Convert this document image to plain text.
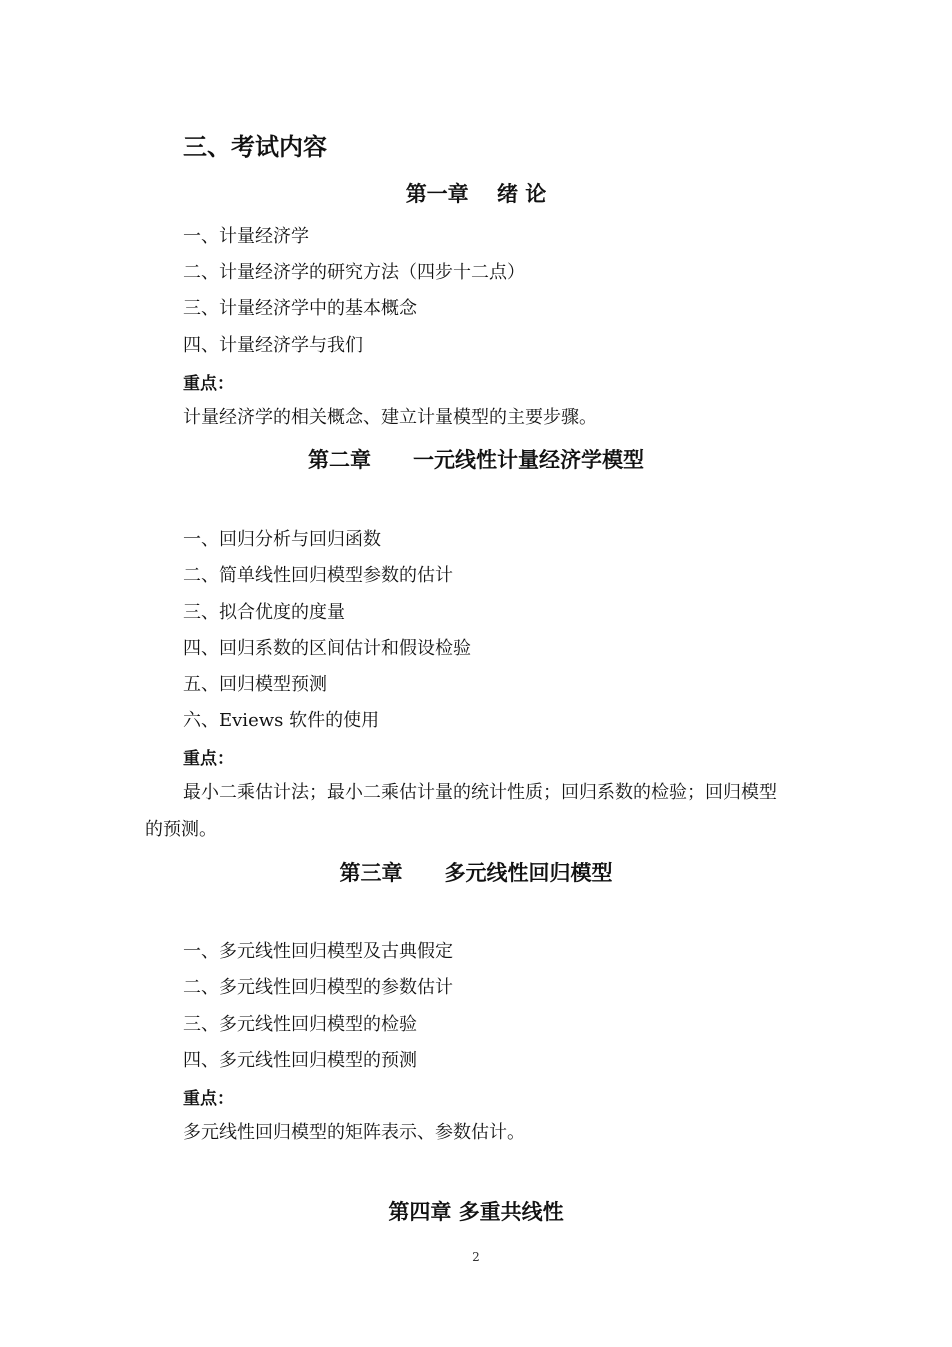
三、考试内容
第一章　 绪 论
一、计量经济学
二、计量经济学的研究方法（四步十二点）
三、计量经济学中的基本概念
四、计量经济学与我们
重点：
计量经济学的相关概念、建立计量模型的主要步骤。
第二章　　一元线性计量经济学模型
一、回归分析与回归函数
二、简单线性回归模型参数的估计
三、拟合优度的度量
四、回归系数的区间估计和假设检验
五、回归模型预测
六、Eviews 软件的使用
重点：
最小二乘估计法；最小二乘估计量的统计性质；回归系数的检验；回归模型
的预测。
第三章　　多元线性回归模型
一、多元线性回归模型及古典假定
二、多元线性回归模型的参数估计
三、多元线性回归模型的检验
四、多元线性回归模型的预测
重点：
多元线性回归模型的矩阵表示、参数估计。
第四章 多重共线性
2
